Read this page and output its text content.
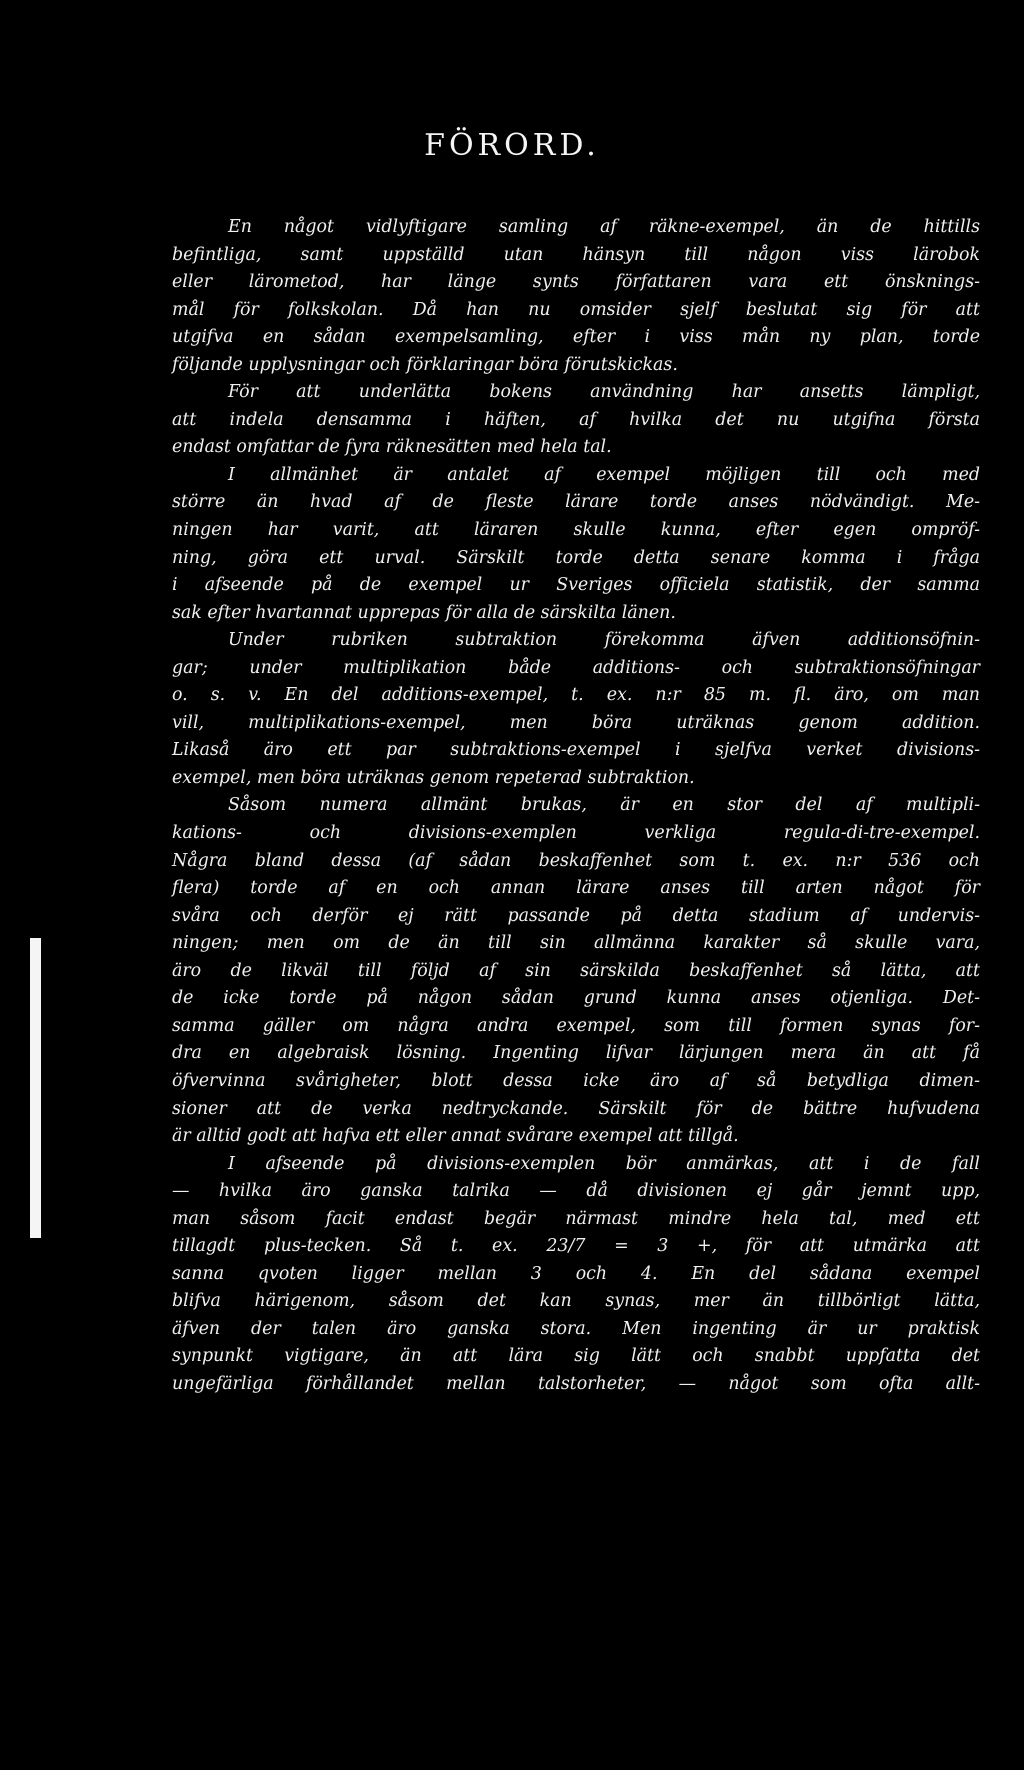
FÖRORD.
En något vidlyftigare samling af räkne-exempel, än de hittills
befintliga, samt uppställd utan hänsyn till någon viss lärobok
eller lärometod, har länge synts författaren vara ett önsknings-
mål för folkskolan. Då han nu omsider sjelf beslutat sig för att
utgifva en sådan exempelsamling, efter i viss mån ny plan, torde
följande upplysningar och förklaringar böra förutskickas.
För att underlätta bokens användning har ansetts lämpligt,
att indela densamma i häften, af hvilka det nu utgifna första
endast omfattar de fyra räknesätten med hela tal.
I allmänhet är antalet af exempel möjligen till och med
större än hvad af de fleste lärare torde anses nödvändigt. Me-
ningen har varit, att läraren skulle kunna, efter egen ompröf-
ning, göra ett urval. Särskilt torde detta senare komma i fråga
i afseende på de exempel ur Sveriges officiela statistik, der samma
sak efter hvartannat upprepas för alla de särskilta länen.
Under rubriken subtraktion förekomma äfven additionsöfnin-
gar; under multiplikation både additions- och subtraktionsöfningar
o. s. v. En del additions-exempel, t. ex. n:r 85 m. fl. äro, om man
vill, multiplikations-exempel, men böra uträknas genom addition.
Likaså äro ett par subtraktions-exempel i sjelfva verket divisions-
exempel, men böra uträknas genom repeterad subtraktion.
Såsom numera allmänt brukas, är en stor del af multipli-
kations- och divisions-exemplen verkliga regula-di-tre-exempel.
Några bland dessa (af sådan beskaffenhet som t. ex. n:r 536 och
flera) torde af en och annan lärare anses till arten något för
svåra och derför ej rätt passande på detta stadium af undervis-
ningen; men om de än till sin allmänna karakter så skulle vara,
äro de likväl till följd af sin särskilda beskaffenhet så lätta, att
de icke torde på någon sådan grund kunna anses otjenliga. Det-
samma gäller om några andra exempel, som till formen synas for-
dra en algebraisk lösning. Ingenting lifvar lärjungen mera än att få
öfvervinna svårigheter, blott dessa icke äro af så betydliga dimen-
sioner att de verka nedtryckande. Särskilt för de bättre hufvudena
är alltid godt att hafva ett eller annat svårare exempel att tillgå.
I afseende på divisions-exemplen bör anmärkas, att i de fall
— hvilka äro ganska talrika — då divisionen ej går jemnt upp,
man såsom facit endast begär närmast mindre hela tal, med ett
tillagdt plus-tecken. Så t. ex. 23/7 = 3 +, för att utmärka att
sanna qvoten ligger mellan 3 och 4. En del sådana exempel
blifva härigenom, såsom det kan synas, mer än tillbörligt lätta,
äfven der talen äro ganska stora. Men ingenting är ur praktisk
synpunkt vigtigare, än att lära sig lätt och snabbt uppfatta det
ungefärliga förhållandet mellan talstorheter, — något som ofta allt-
